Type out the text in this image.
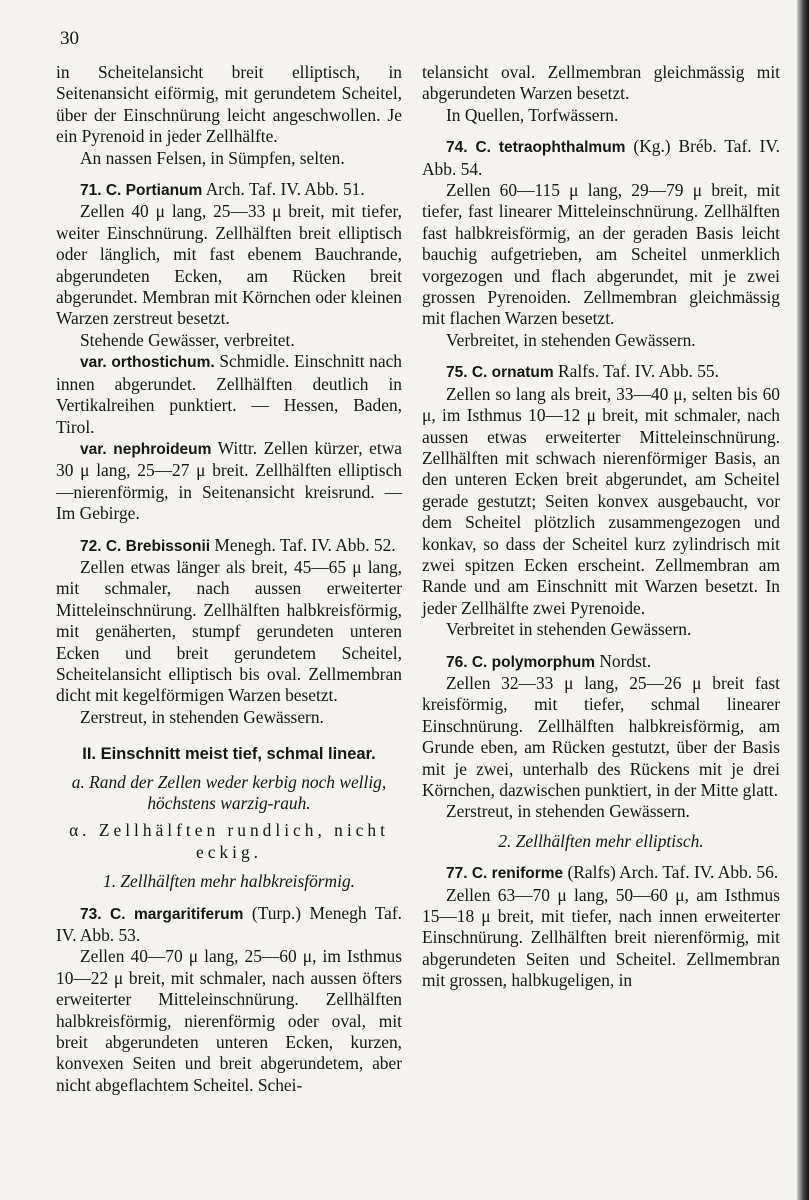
30

in Scheitelansicht breit elliptisch, in Seitenansicht eiförmig, mit gerundetem Scheitel, über der Einschnürung leicht angeschwollen. Je ein Pyrenoid in jeder Zellhälfte.

An nassen Felsen, in Sümpfen, selten.

71. C. Portianum Arch. Taf. IV. Abb. 51.

Zellen 40 μ lang, 25—33 μ breit, mit tiefer, weiter Einschnürung. Zellhälften breit elliptisch oder länglich, mit fast ebenem Bauchrande, abgerundeten Ecken, am Rücken breit abgerundet. Membran mit Körnchen oder kleinen Warzen zerstreut besetzt.

Stehende Gewässer, verbreitet.

var. orthostichum. Schmidle. Einschnitt nach innen abgerundet. Zellhälften deutlich in Vertikalreihen punktiert. — Hessen, Baden, Tirol.

var. nephroideum Wittr. Zellen kürzer, etwa 30 μ lang, 25—27 μ breit. Zellhälften elliptisch—nierenförmig, in Seitenansicht kreisrund. — Im Gebirge.

72. C. Brebissonii Menegh. Taf. IV. Abb. 52.

Zellen etwas länger als breit, 45—65 μ lang, mit schmaler, nach aussen erweiterter Mitteleinschnürung. Zellhälften halbkreisförmig, mit genäherten, stumpf gerundeten unteren Ecken und breit gerundetem Scheitel, Scheitelansicht elliptisch bis oval. Zellmembran dicht mit kegelförmigen Warzen besetzt.

Zerstreut, in stehenden Gewässern.

II. Einschnitt meist tief, schmal linear.

a. Rand der Zellen weder kerbig noch wellig, höchstens warzig-rauh.

α. Zellhälften rundlich, nicht eckig.

1. Zellhälften mehr halbkreisförmig.

73. C. margaritiferum (Turp.) Menegh Taf. IV. Abb. 53.

Zellen 40—70 μ lang, 25—60 μ, im Isthmus 10—22 μ breit, mit schmaler, nach aussen öfters erweiterter Mitteleinschnürung. Zellhälften halbkreisförmig, nierenförmig oder oval, mit breit abgerundeten unteren Ecken, kurzen, konvexen Seiten und breit abgerundetem, aber nicht abgeflachtem Scheitel. Schei-

telansicht oval. Zellmembran gleichmässig mit abgerundeten Warzen besetzt.

In Quellen, Torfwässern.

74. C. tetraophthalmum (Kg.) Bréb. Taf. IV. Abb. 54.

Zellen 60—115 μ lang, 29—79 μ breit, mit tiefer, fast linearer Mitteleinschnürung. Zellhälften fast halbkreisförmig, an der geraden Basis leicht bauchig aufgetrieben, am Scheitel unmerklich vorgezogen und flach abgerundet, mit je zwei grossen Pyrenoiden. Zellmembran gleichmässig mit flachen Warzen besetzt.

Verbreitet, in stehenden Gewässern.

75. C. ornatum Ralfs. Taf. IV. Abb. 55.

Zellen so lang als breit, 33—40 μ, selten bis 60 μ, im Isthmus 10—12 μ breit, mit schmaler, nach aussen etwas erweiterter Mitteleinschnürung. Zellhälften mit schwach nierenförmiger Basis, an den unteren Ecken breit abgerundet, am Scheitel gerade gestutzt; Seiten konvex ausgebaucht, vor dem Scheitel plötzlich zusammengezogen und konkav, so dass der Scheitel kurz zylindrisch mit zwei spitzen Ecken erscheint. Zellmembran am Rande und am Einschnitt mit Warzen besetzt. In jeder Zellhälfte zwei Pyrenoide.

Verbreitet in stehenden Gewässern.

76. C. polymorphum Nordst.

Zellen 32—33 μ lang, 25—26 μ breit fast kreisförmig, mit tiefer, schmal linearer Einschnürung. Zellhälften halbkreisförmig, am Grunde eben, am Rücken gestutzt, über der Basis mit je zwei, unterhalb des Rückens mit je drei Körnchen, dazwischen punktiert, in der Mitte glatt.

Zerstreut, in stehenden Gewässern.

2. Zellhälften mehr elliptisch.

77. C. reniforme (Ralfs) Arch. Taf. IV. Abb. 56.

Zellen 63—70 μ lang, 50—60 μ, am Isthmus 15—18 μ breit, mit tiefer, nach innen erweiterter Einschnürung. Zellhälften breit nierenförmig, mit abgerundeten Seiten und Scheitel. Zellmembran mit grossen, halbkugeligen, in
